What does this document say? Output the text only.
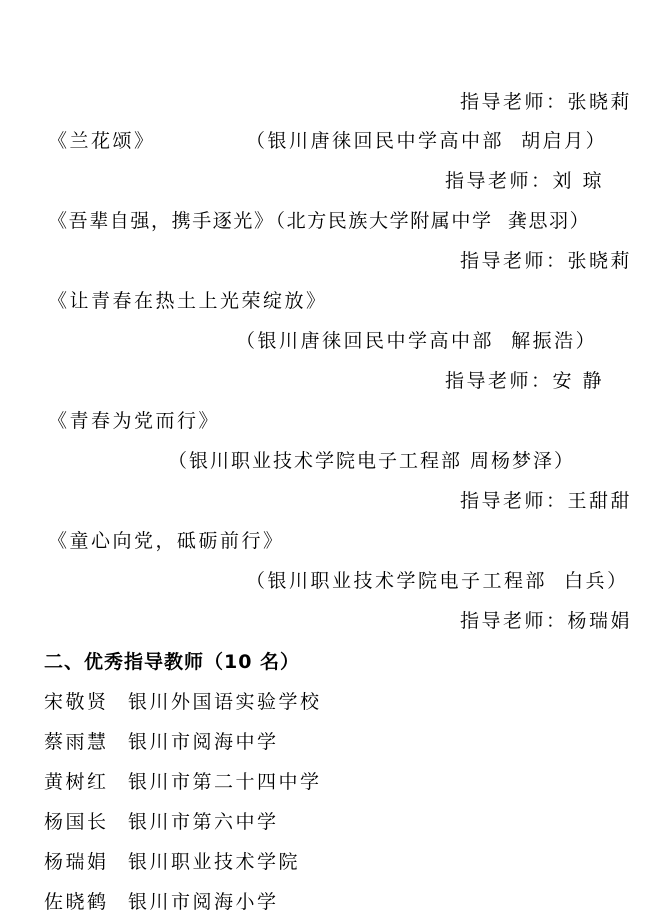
指导老师：张晓莉
《兰花颂》	（银川唐徕回民中学高中部  胡启月）
指导老师：刘 琼
《吾辈自强，携手逐光》
（北方民族大学附属中学  龚思羽）
指导老师：张晓莉
《让青春在热土上光荣绽放》
（银川唐徕回民中学高中部  解振浩）
指导老师：安 静
《青春为党而行》
（银川职业技术学院电子工程部 周杨梦泽）
指导老师：王甜甜
《童心向党，砥砺前行》
（银川职业技术学院电子工程部  白兵）
指导老师：杨瑞娟
二、优秀指导教师（10 名）
宋敬贤 银川外国语实验学校
蔡雨慧 银川市阅海中学
黄树红 银川市第二十四中学
杨国长 银川市第六中学
杨瑞娟 银川职业技术学院
佐晓鹤 银川市阅海小学
